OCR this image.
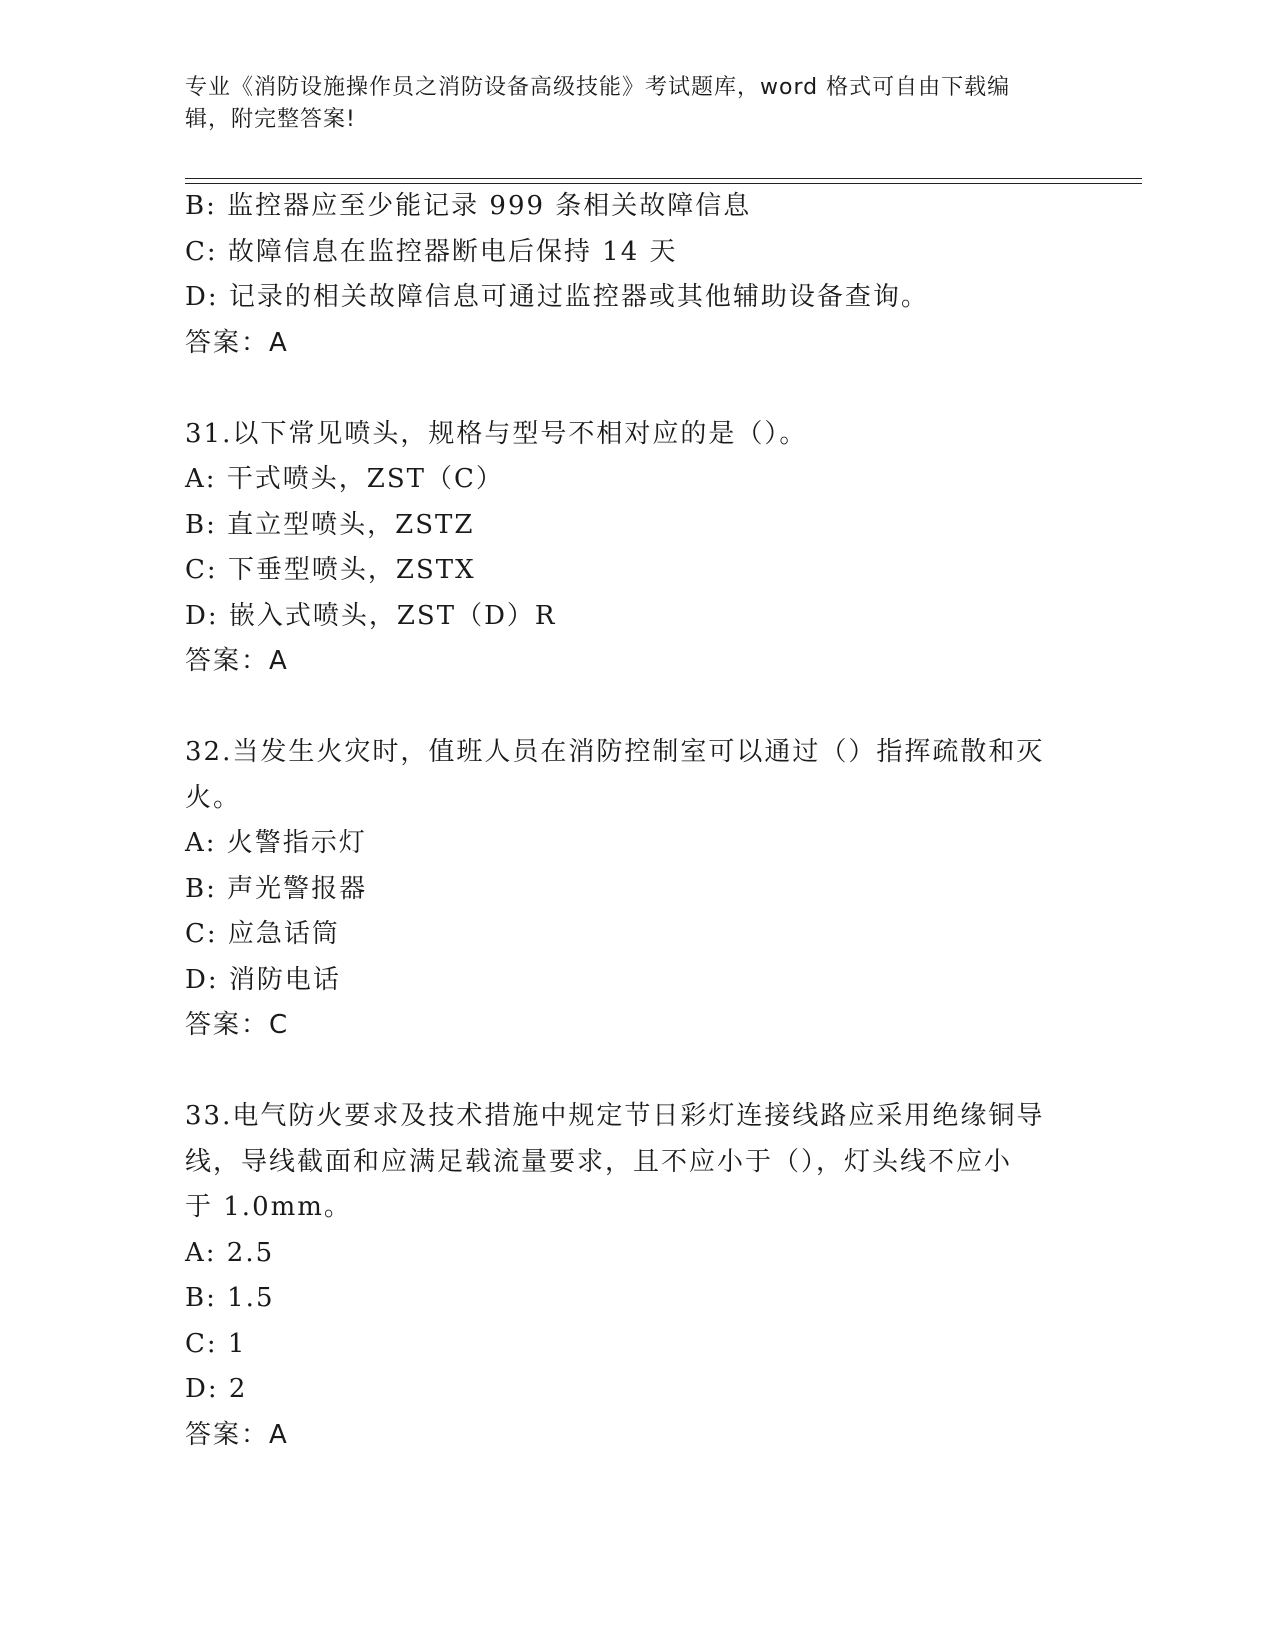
专业《消防设施操作员之消防设备高级技能》考试题库，word 格式可自由下载编
辑，附完整答案!
B: 监控器应至少能记录 999 条相关故障信息
C: 故障信息在监控器断电后保持 14 天
D: 记录的相关故障信息可通过监控器或其他辅助设备查询。
答案：A
31.以下常见喷头，规格与型号不相对应的是（）。
A: 干式喷头，ZST（C）
B: 直立型喷头，ZSTZ
C: 下垂型喷头，ZSTX
D: 嵌入式喷头，ZST（D）R
答案：A
32.当发生火灾时，值班人员在消防控制室可以通过（）指挥疏散和灭
火。
A: 火警指示灯
B: 声光警报器
C: 应急话筒
D: 消防电话
答案：C
33.电气防火要求及技术措施中规定节日彩灯连接线路应采用绝缘铜导
线，导线截面和应满足载流量要求，且不应小于（），灯头线不应小
于 1.0mm。
A: 2.5
B: 1.5
C: 1
D: 2
答案：A
